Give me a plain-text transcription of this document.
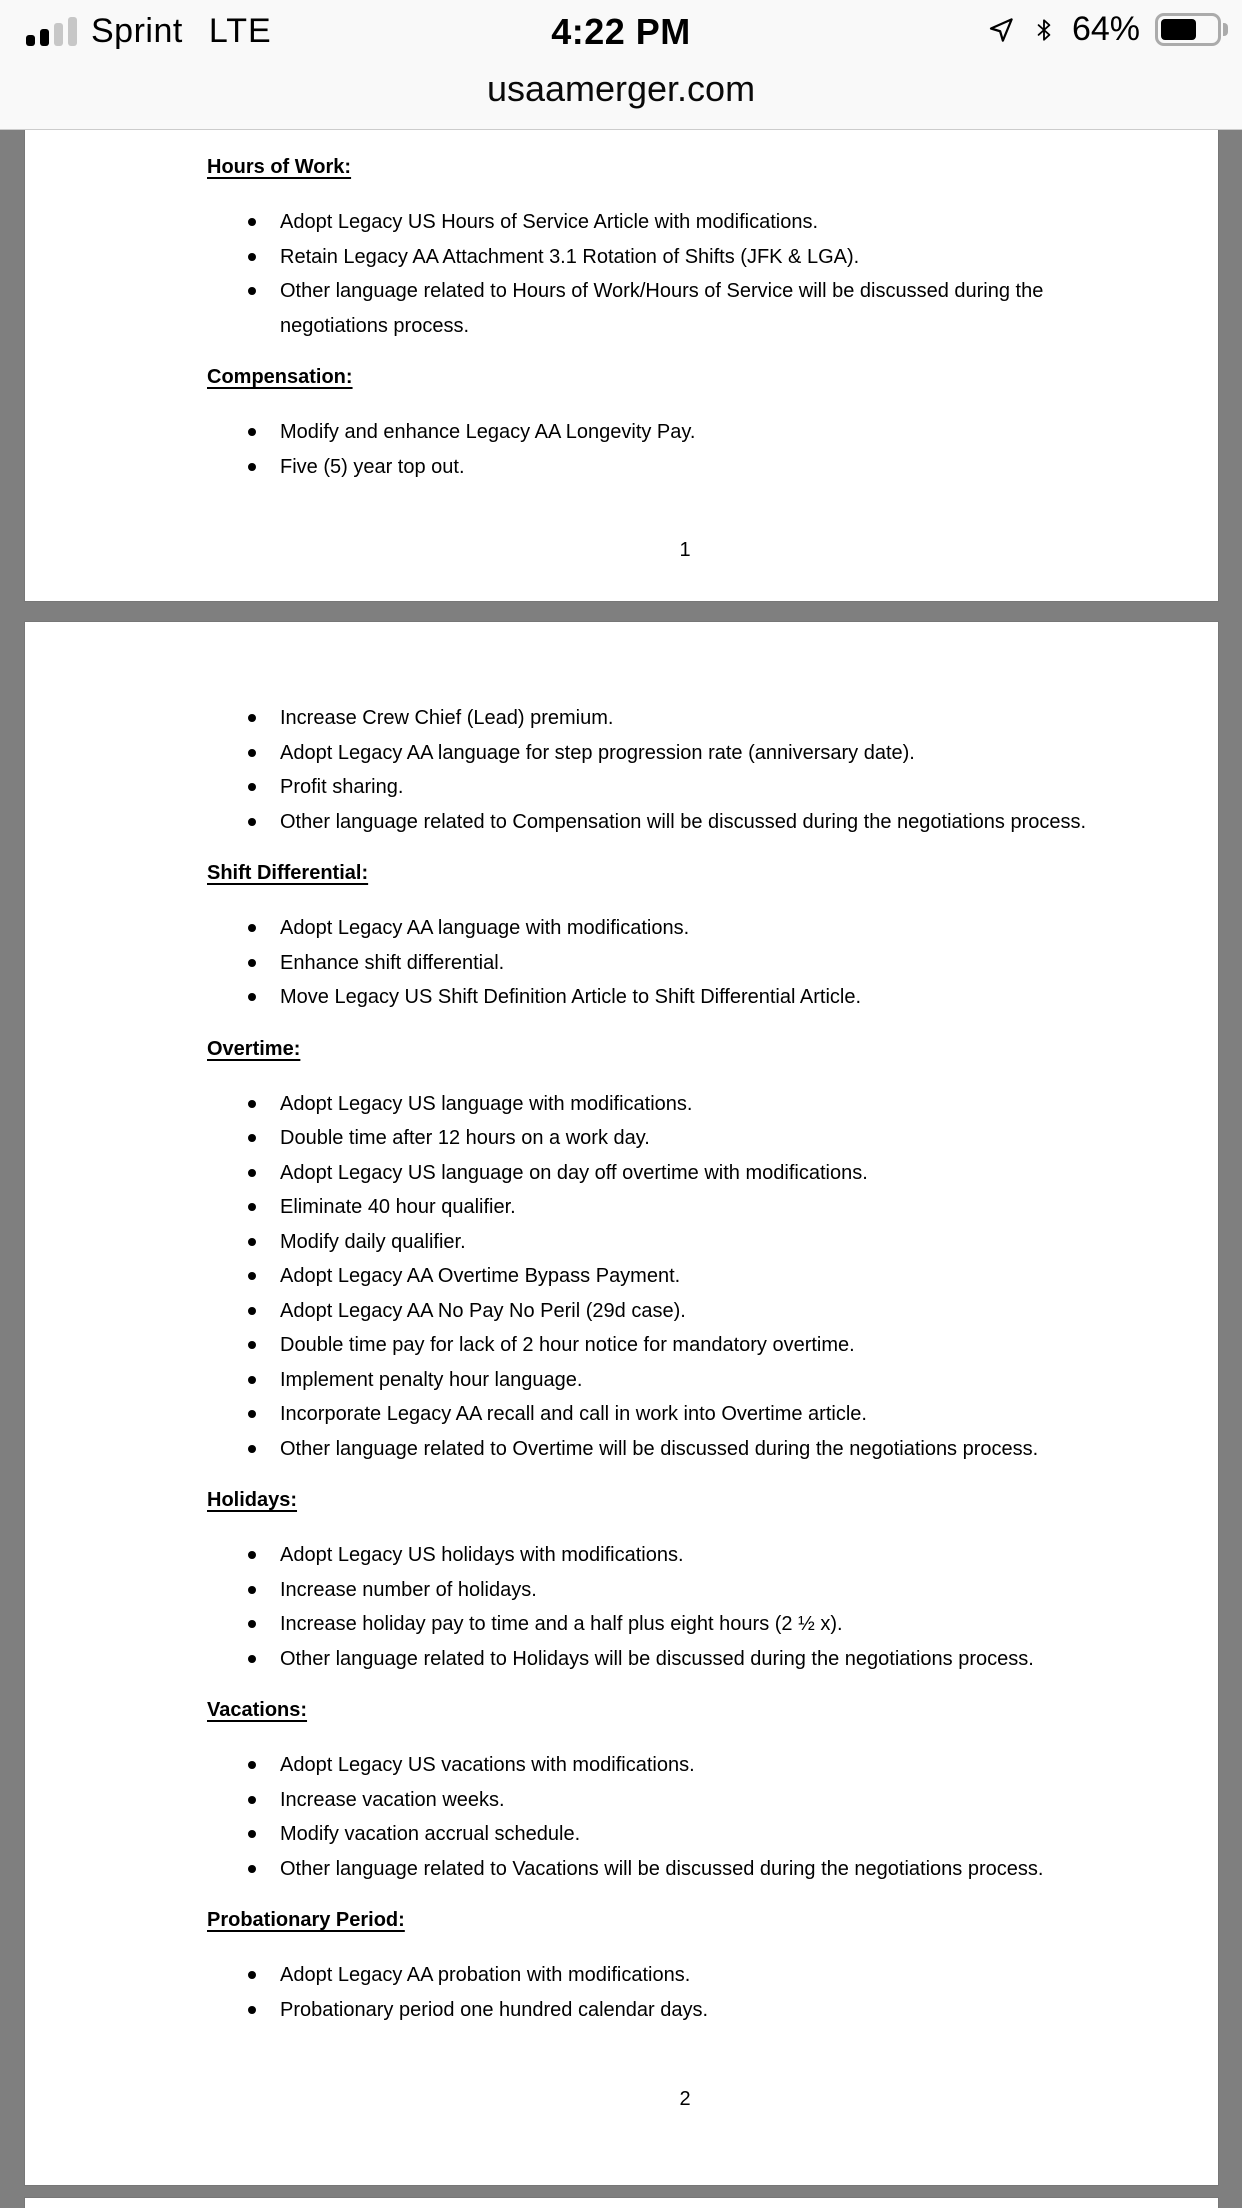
Sprint LTE	4:22 PM	64%
usaamerger.com
Hours of Work:
Adopt Legacy US Hours of Service Article with modifications.
Retain Legacy AA Attachment 3.1 Rotation of Shifts (JFK & LGA).
Other language related to Hours of Work/Hours of Service will be discussed during the negotiations process.
Compensation:
Modify and enhance Legacy AA Longevity Pay.
Five (5) year top out.
1
Increase Crew Chief (Lead) premium.
Adopt Legacy AA language for step progression rate (anniversary date).
Profit sharing.
Other language related to Compensation will be discussed during the negotiations process.
Shift Differential:
Adopt Legacy AA language with modifications.
Enhance shift differential.
Move Legacy US Shift Definition Article to Shift Differential Article.
Overtime:
Adopt Legacy US language with modifications.
Double time after 12 hours on a work day.
Adopt Legacy US language on day off overtime with modifications.
Eliminate 40 hour qualifier.
Modify daily qualifier.
Adopt Legacy AA Overtime Bypass Payment.
Adopt Legacy AA No Pay No Peril (29d case).
Double time pay for lack of 2 hour notice for mandatory overtime.
Implement penalty hour language.
Incorporate Legacy AA recall and call in work into Overtime article.
Other language related to Overtime will be discussed during the negotiations process.
Holidays:
Adopt Legacy US holidays with modifications.
Increase number of holidays.
Increase holiday pay to time and a half plus eight hours (2 ½ x).
Other language related to Holidays will be discussed during the negotiations process.
Vacations:
Adopt Legacy US vacations with modifications.
Increase vacation weeks.
Modify vacation accrual schedule.
Other language related to Vacations will be discussed during the negotiations process.
Probationary Period:
Adopt Legacy AA probation with modifications.
Probationary period one hundred calendar days.
2
